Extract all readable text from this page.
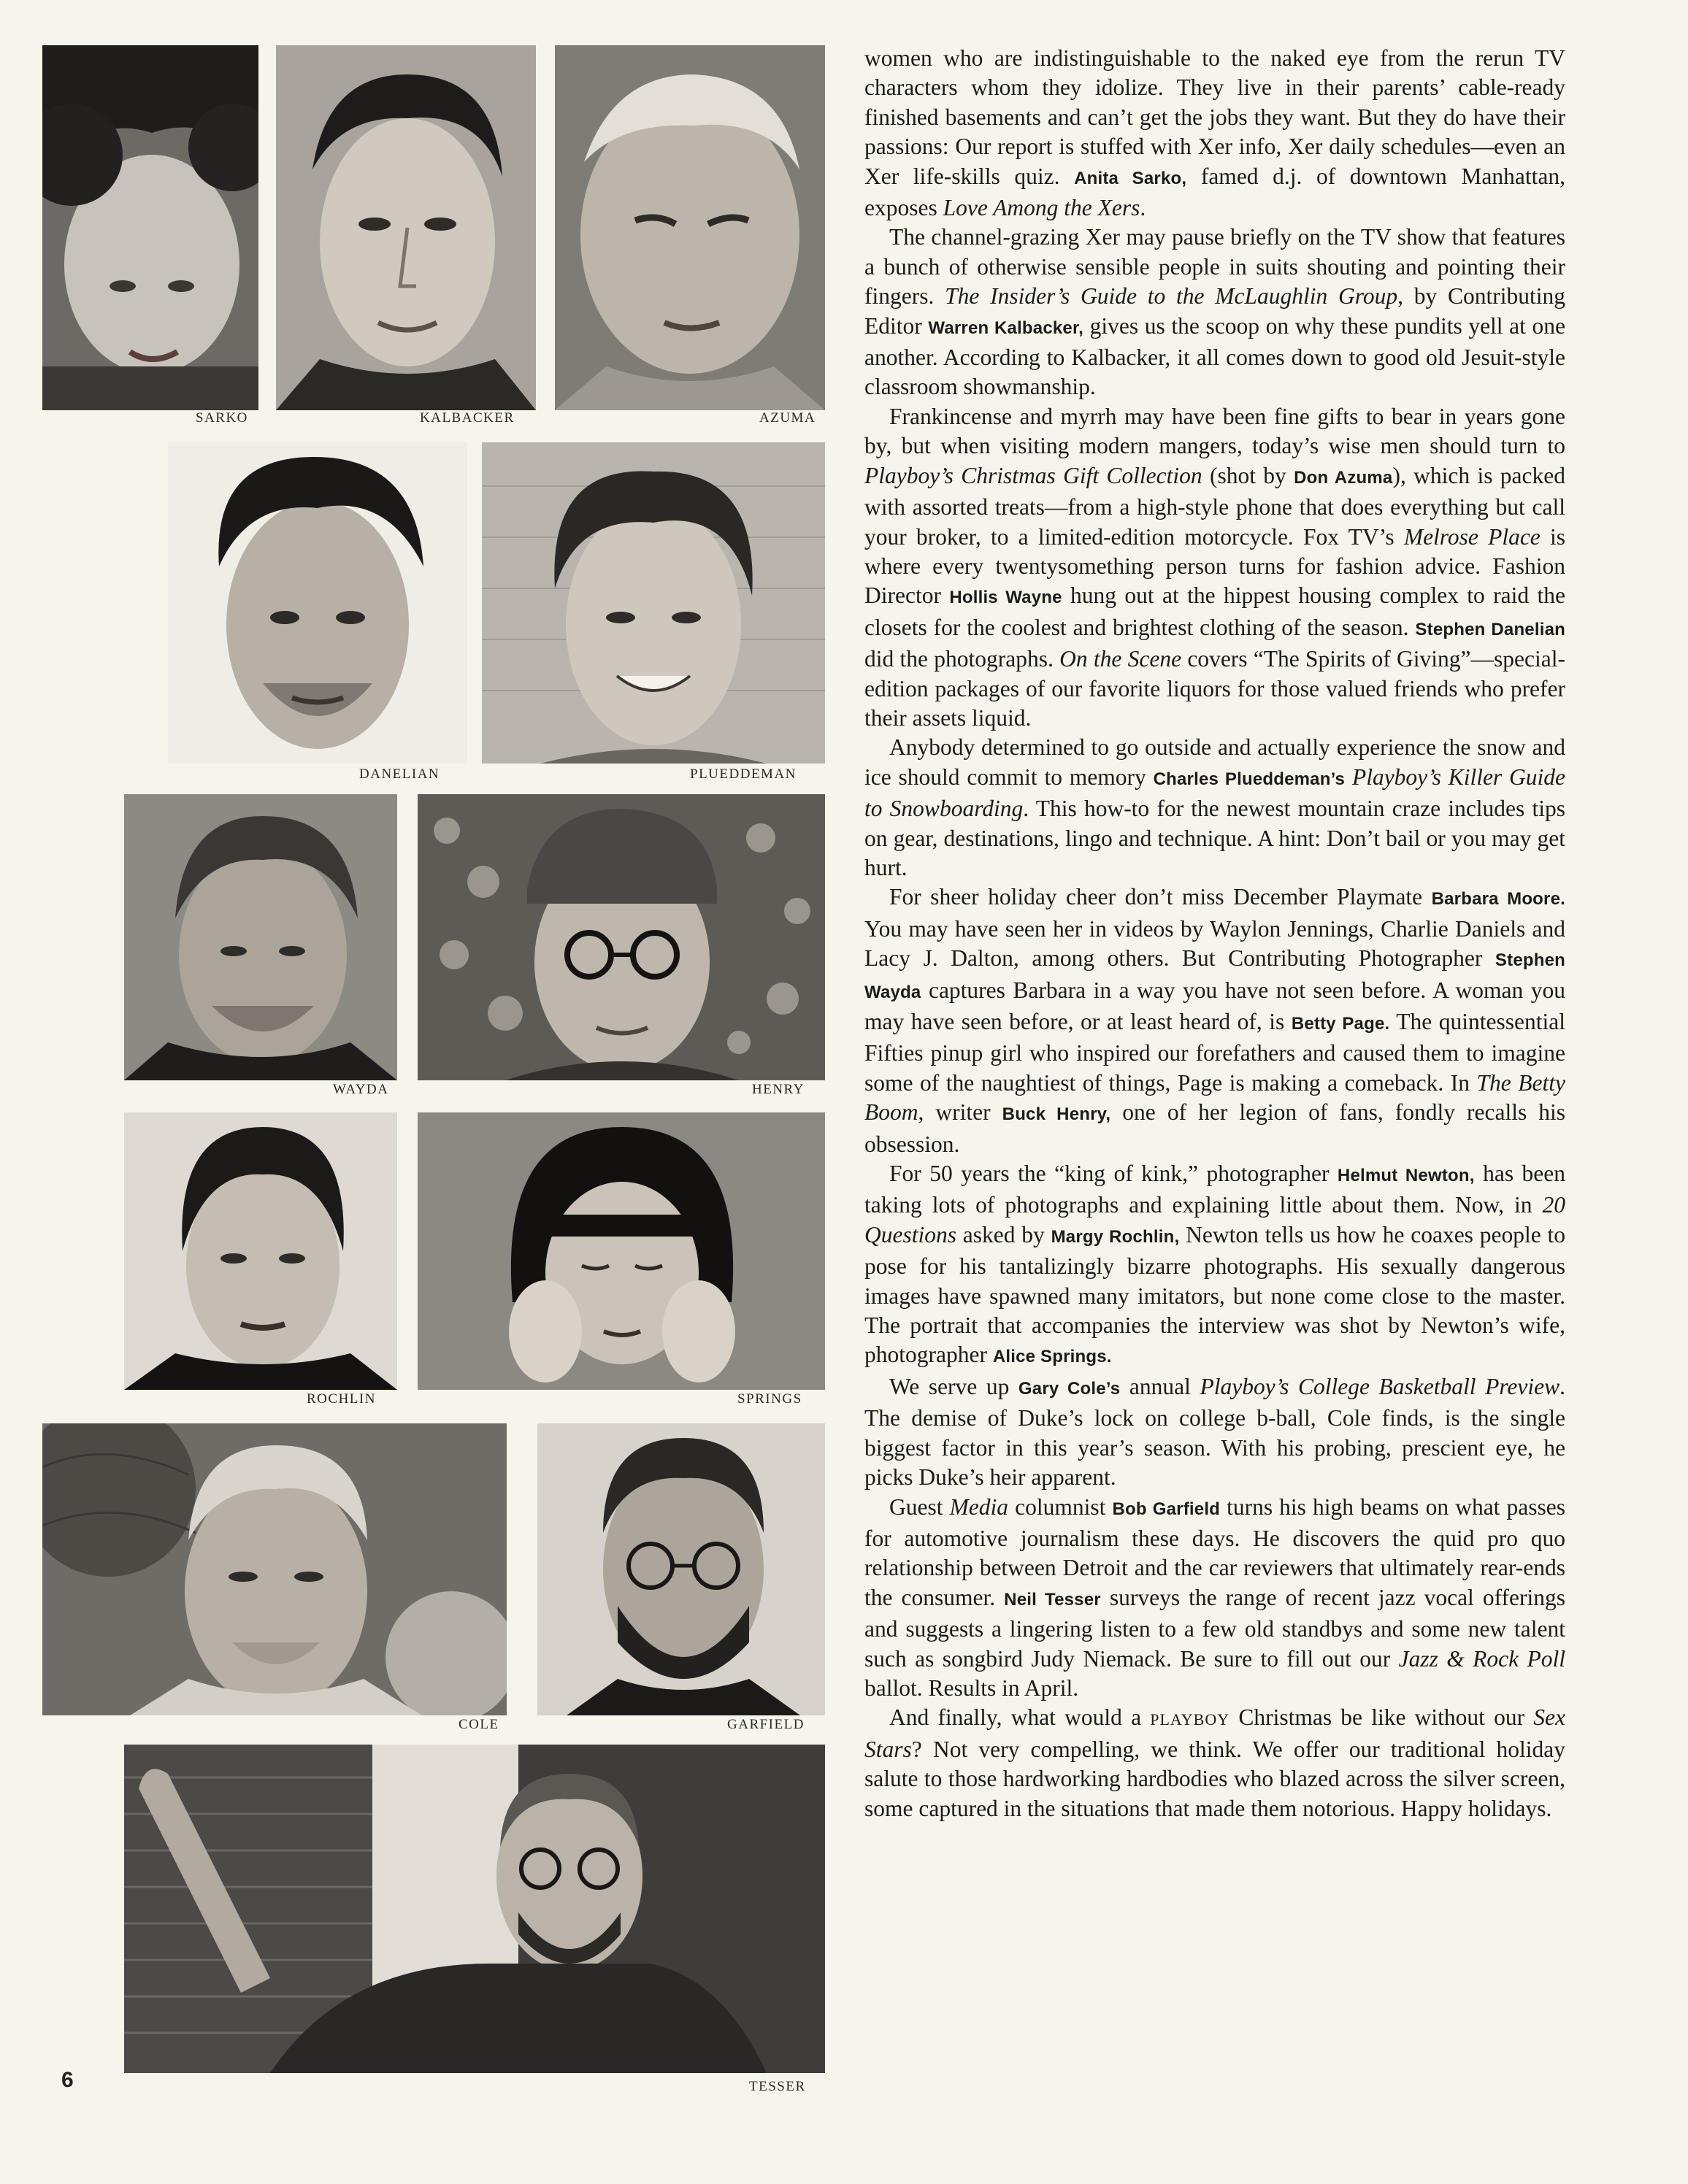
SARKO	KALBACKER	AZUMA
DANELIAN	PLUEDDEMAN
WAYDA	HENRY
ROCHLIN	SPRINGS
COLE	GARFIELD
TESSER
6

women who are indistinguishable to the naked eye from the rerun TV characters whom they idolize. They live in their parents’ cable-ready finished basements and can’t get the jobs they want. But they do have their passions: Our report is stuffed with Xer info, Xer daily schedules—even an Xer life-skills quiz. Anita Sarko, famed d.j. of downtown Manhattan, exposes Love Among the Xers.

The channel-grazing Xer may pause briefly on the TV show that features a bunch of otherwise sensible people in suits shouting and pointing their fingers. The Insider’s Guide to the McLaughlin Group, by Contributing Editor Warren Kalbacker, gives us the scoop on why these pundits yell at one another. According to Kalbacker, it all comes down to good old Jesuit-style classroom showmanship.

Frankincense and myrrh may have been fine gifts to bear in years gone by, but when visiting modern mangers, today’s wise men should turn to Playboy’s Christmas Gift Collection (shot by Don Azuma), which is packed with assorted treats—from a high-style phone that does everything but call your broker, to a limited-edition motorcycle. Fox TV’s Melrose Place is where every twentysomething person turns for fashion advice. Fashion Director Hollis Wayne hung out at the hippest housing complex to raid the closets for the coolest and brightest clothing of the season. Stephen Danelian did the photographs. On the Scene covers “The Spirits of Giving”—special-edition packages of our favorite liquors for those valued friends who prefer their assets liquid.

Anybody determined to go outside and actually experience the snow and ice should commit to memory Charles Plueddeman’s Playboy’s Killer Guide to Snowboarding. This how-to for the newest mountain craze includes tips on gear, destinations, lingo and technique. A hint: Don’t bail or you may get hurt.

For sheer holiday cheer don’t miss December Playmate Barbara Moore. You may have seen her in videos by Waylon Jennings, Charlie Daniels and Lacy J. Dalton, among others. But Contributing Photographer Stephen Wayda captures Barbara in a way you have not seen before. A woman you may have seen before, or at least heard of, is Betty Page. The quintessential Fifties pinup girl who inspired our forefathers and caused them to imagine some of the naughtiest of things, Page is making a comeback. In The Betty Boom, writer Buck Henry, one of her legion of fans, fondly recalls his obsession.

For 50 years the “king of kink,” photographer Helmut Newton, has been taking lots of photographs and explaining little about them. Now, in 20 Questions asked by Margy Rochlin, Newton tells us how he coaxes people to pose for his tantalizingly bizarre photographs. His sexually dangerous images have spawned many imitators, but none come close to the master. The portrait that accompanies the interview was shot by Newton’s wife, photographer Alice Springs.

We serve up Gary Cole’s annual Playboy’s College Basketball Preview. The demise of Duke’s lock on college b-ball, Cole finds, is the single biggest factor in this year’s season. With his probing, prescient eye, he picks Duke’s heir apparent.

Guest Media columnist Bob Garfield turns his high beams on what passes for automotive journalism these days. He discovers the quid pro quo relationship between Detroit and the car reviewers that ultimately rear-ends the consumer. Neil Tesser surveys the range of recent jazz vocal offerings and suggests a lingering listen to a few old standbys and some new talent such as songbird Judy Niemack. Be sure to fill out our Jazz & Rock Poll ballot. Results in April.

And finally, what would a PLAYBOY Christmas be like without our Sex Stars? Not very compelling, we think. We offer our traditional holiday salute to those hardworking hardbodies who blazed across the silver screen, some captured in the situations that made them notorious. Happy holidays.
